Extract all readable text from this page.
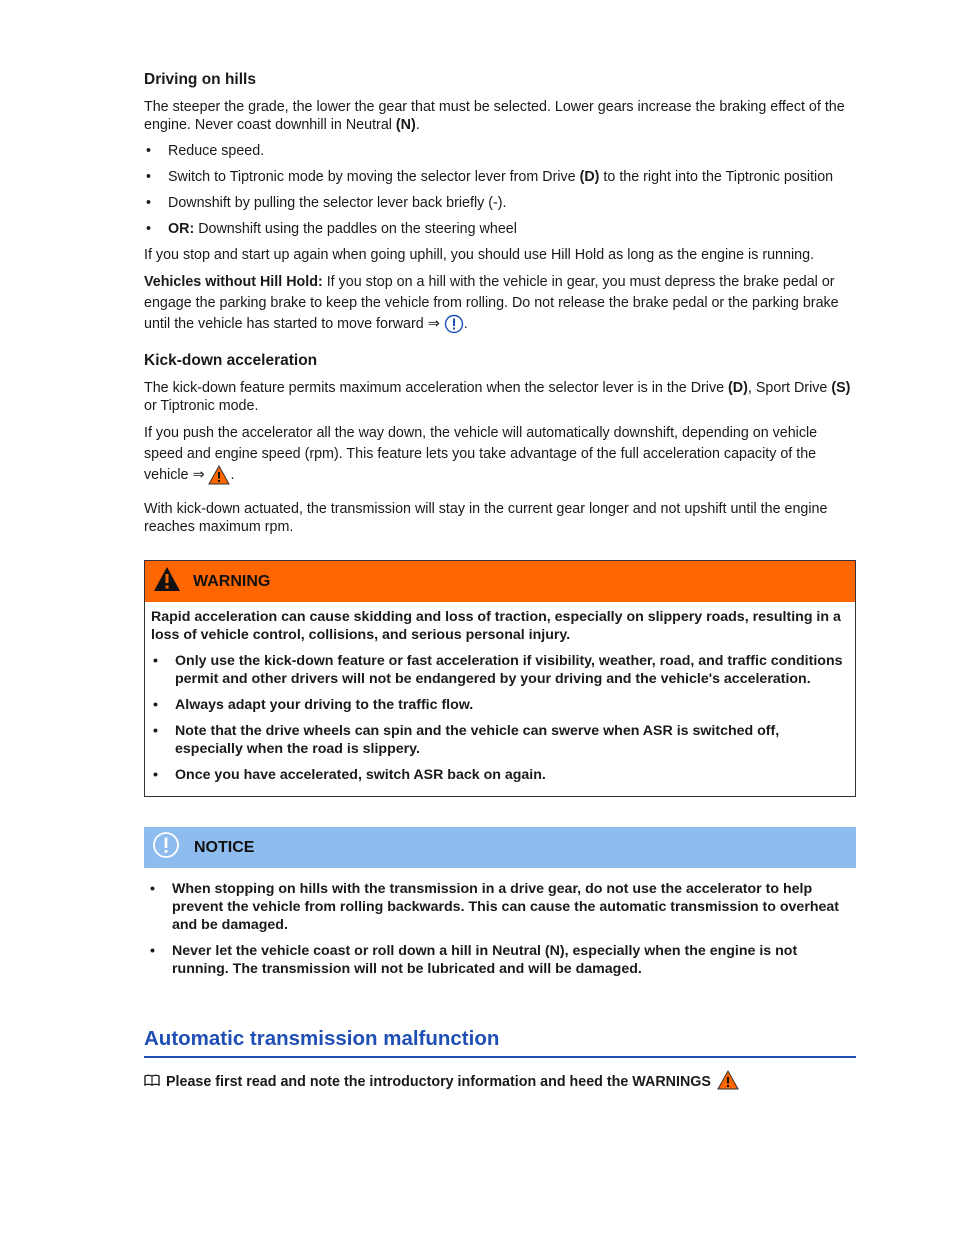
Driving on hills

The steeper the grade, the lower the gear that must be selected. Lower gears increase the braking effect of the engine. Never coast downhill in Neutral (N).

•	Reduce speed.
•	Switch to Tiptronic mode by moving the selector lever from Drive (D) to the right into the Tiptronic position
•	Downshift by pulling the selector lever back briefly (-).
•	OR: Downshift using the paddles on the steering wheel

If you stop and start up again when going uphill, you should use Hill Hold as long as the engine is running.

Vehicles without Hill Hold: If you stop on a hill with the vehicle in gear, you must depress the brake pedal or engage the parking brake to keep the vehicle from rolling. Do not release the brake pedal or the parking brake until the vehicle has started to move forward ⇒ .

Kick-down acceleration

The kick-down feature permits maximum acceleration when the selector lever is in the Drive (D), Sport Drive (S) or Tiptronic mode.

If you push the accelerator all the way down, the vehicle will automatically downshift, depending on vehicle speed and engine speed (rpm). This feature lets you take advantage of the full acceleration capacity of the vehicle ⇒ .

With kick-down actuated, the transmission will stay in the current gear longer and not upshift until the engine reaches maximum rpm.

WARNING

Rapid acceleration can cause skidding and loss of traction, especially on slippery roads, resulting in a loss of vehicle control, collisions, and serious personal injury.

•	Only use the kick-down feature or fast acceleration if visibility, weather, road, and traffic conditions permit and other drivers will not be endangered by your driving and the vehicle's acceleration.
•	Always adapt your driving to the traffic flow.
•	Note that the drive wheels can spin and the vehicle can swerve when ASR is switched off, especially when the road is slippery.
•	Once you have accelerated, switch ASR back on again.
NOTICE
•	When stopping on hills with the transmission in a drive gear, do not use the accelerator to help prevent the vehicle from rolling backwards. This can cause the automatic transmission to overheat and be damaged.
•	Never let the vehicle coast or roll down a hill in Neutral (N), especially when the engine is not running. The transmission will not be lubricated and will be damaged.
Automatic transmission malfunction
Please first read and note the introductory information and heed the WARNINGS
